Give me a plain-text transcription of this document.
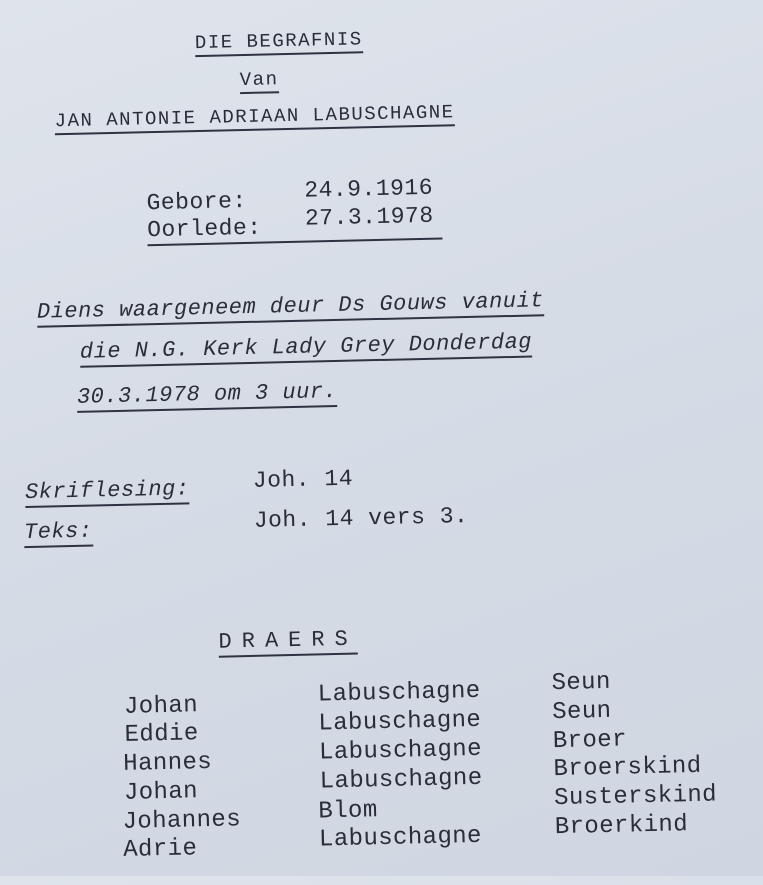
DIE BEGRAFNIS
Van
JAN ANTONIE ADRIAAN LABUSCHAGNE
Gebore: 24.9.1916
Oorlede: 27.3.1978
Diens waargeneem deur Ds Gouws vanuit
die N.G. Kerk Lady Grey Donderdag
30.3.1978 om 3 uur.
Skriflesing:	Joh. 14
Teks:	Joh. 14 vers 3.
DRAERS
Johan	Labuschagne	Seun
Eddie	Labuschagne	Seun
Hannes	Labuschagne	Broer
Johan	Labuschagne	Broerskind
Johannes	Blom	Susterskind
Adrie	Labuschagne	Broerkind
